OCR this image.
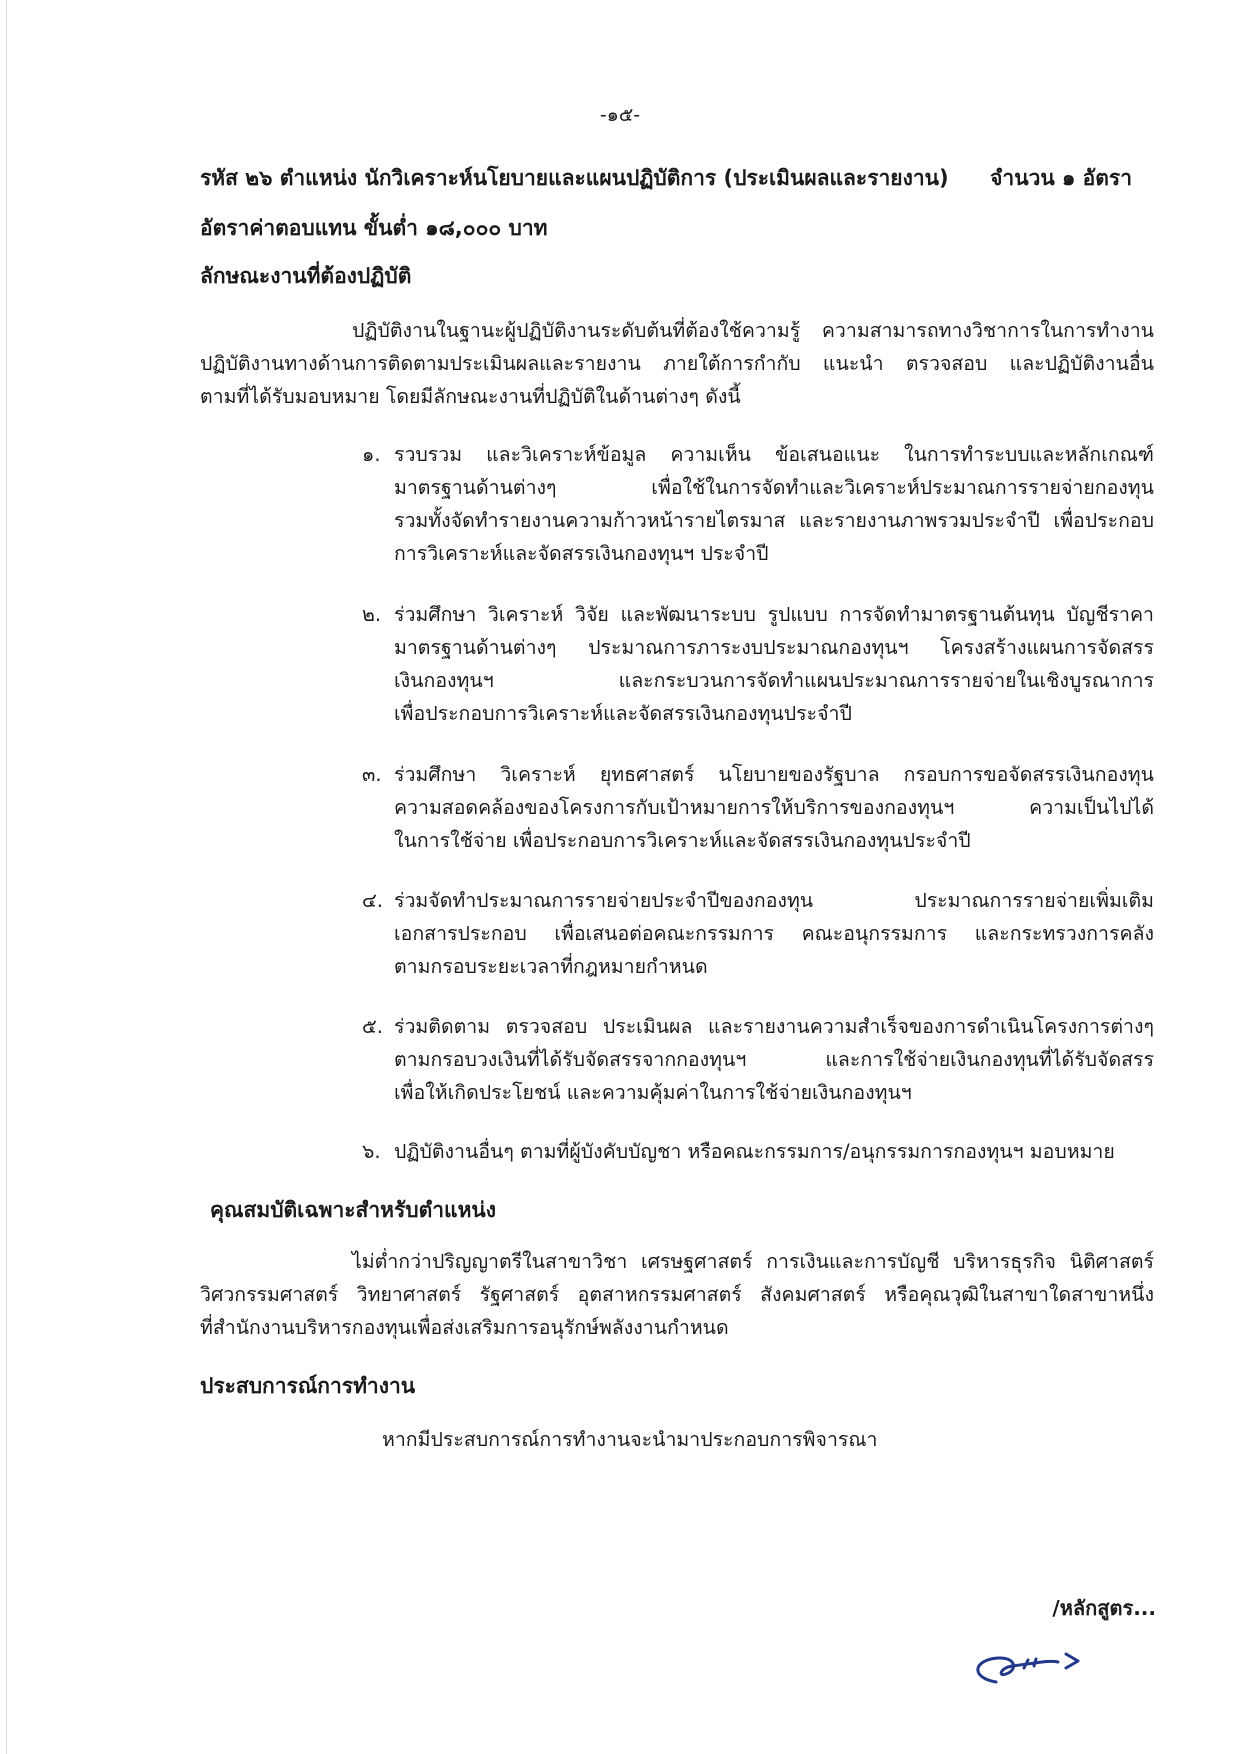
-๑๕-
รหัส ๒๖ ตำแหน่ง นักวิเคราะห์นโยบายและแผนปฏิบัติการ (ประเมินผลและรายงาน) จำนวน ๑ อัตรา
อัตราค่าตอบแทน ขั้นต่ำ ๑๘,๐๐๐ บาท
ลักษณะงานที่ต้องปฏิบัติ
ปฏิบัติงานในฐานะผู้ปฏิบัติงานระดับต้นที่ต้องใช้ความรู้ ความสามารถทางวิชาการในการทำงาน
ปฏิบัติงานทางด้านการติดตามประเมินผลและรายงาน ภายใต้การกำกับ แนะนำ ตรวจสอบ และปฏิบัติงานอื่น
ตามที่ได้รับมอบหมาย โดยมีลักษณะงานที่ปฏิบัติในด้านต่างๆ ดังนี้
๑. รวบรวม และวิเคราะห์ข้อมูล ความเห็น ข้อเสนอแนะ ในการทำระบบและหลักเกณฑ์
มาตรฐานด้านต่างๆ เพื่อใช้ในการจัดทำและวิเคราะห์ประมาณการรายจ่ายกองทุน
รวมทั้งจัดทำรายงานความก้าวหน้ารายไตรมาส และรายงานภาพรวมประจำปี เพื่อประกอบ
การวิเคราะห์และจัดสรรเงินกองทุนฯ ประจำปี
๒. ร่วมศึกษา วิเคราะห์ วิจัย และพัฒนาระบบ รูปแบบ การจัดทำมาตรฐานต้นทุน บัญชีราคา
มาตรฐานด้านต่างๆ ประมาณการภาระงบประมาณกองทุนฯ โครงสร้างแผนการจัดสรร
เงินกองทุนฯ และกระบวนการจัดทำแผนประมาณการรายจ่ายในเชิงบูรณาการ
เพื่อประกอบการวิเคราะห์และจัดสรรเงินกองทุนประจำปี
๓. ร่วมศึกษา วิเคราะห์ ยุทธศาสตร์ นโยบายของรัฐบาล กรอบการขอจัดสรรเงินกองทุน
ความสอดคล้องของโครงการกับเป้าหมายการให้บริการของกองทุนฯ ความเป็นไปได้
ในการใช้จ่าย เพื่อประกอบการวิเคราะห์และจัดสรรเงินกองทุนประจำปี
๔. ร่วมจัดทำประมาณการรายจ่ายประจำปีของกองทุน ประมาณการรายจ่ายเพิ่มเติม
เอกสารประกอบ เพื่อเสนอต่อคณะกรรมการ คณะอนุกรรมการ และกระทรวงการคลัง
ตามกรอบระยะเวลาที่กฎหมายกำหนด
๕. ร่วมติดตาม ตรวจสอบ ประเมินผล และรายงานความสำเร็จของการดำเนินโครงการต่างๆ
ตามกรอบวงเงินที่ได้รับจัดสรรจากกองทุนฯ และการใช้จ่ายเงินกองทุนที่ได้รับจัดสรร
เพื่อให้เกิดประโยชน์ และความคุ้มค่าในการใช้จ่ายเงินกองทุนฯ
๖. ปฏิบัติงานอื่นๆ ตามที่ผู้บังคับบัญชา หรือคณะกรรมการ/อนุกรรมการกองทุนฯ มอบหมาย
คุณสมบัติเฉพาะสำหรับตำแหน่ง
ไม่ต่ำกว่าปริญญาตรีในสาขาวิชา เศรษฐศาสตร์ การเงินและการบัญชี บริหารธุรกิจ นิติศาสตร์
วิศวกรรมศาสตร์ วิทยาศาสตร์ รัฐศาสตร์ อุตสาหกรรมศาสตร์ สังคมศาสตร์ หรือคุณวุฒิในสาขาใดสาขาหนึ่ง
ที่สำนักงานบริหารกองทุนเพื่อส่งเสริมการอนุรักษ์พลังงานกำหนด
ประสบการณ์การทำงาน
หากมีประสบการณ์การทำงานจะนำมาประกอบการพิจารณา
/หลักสูตร...
